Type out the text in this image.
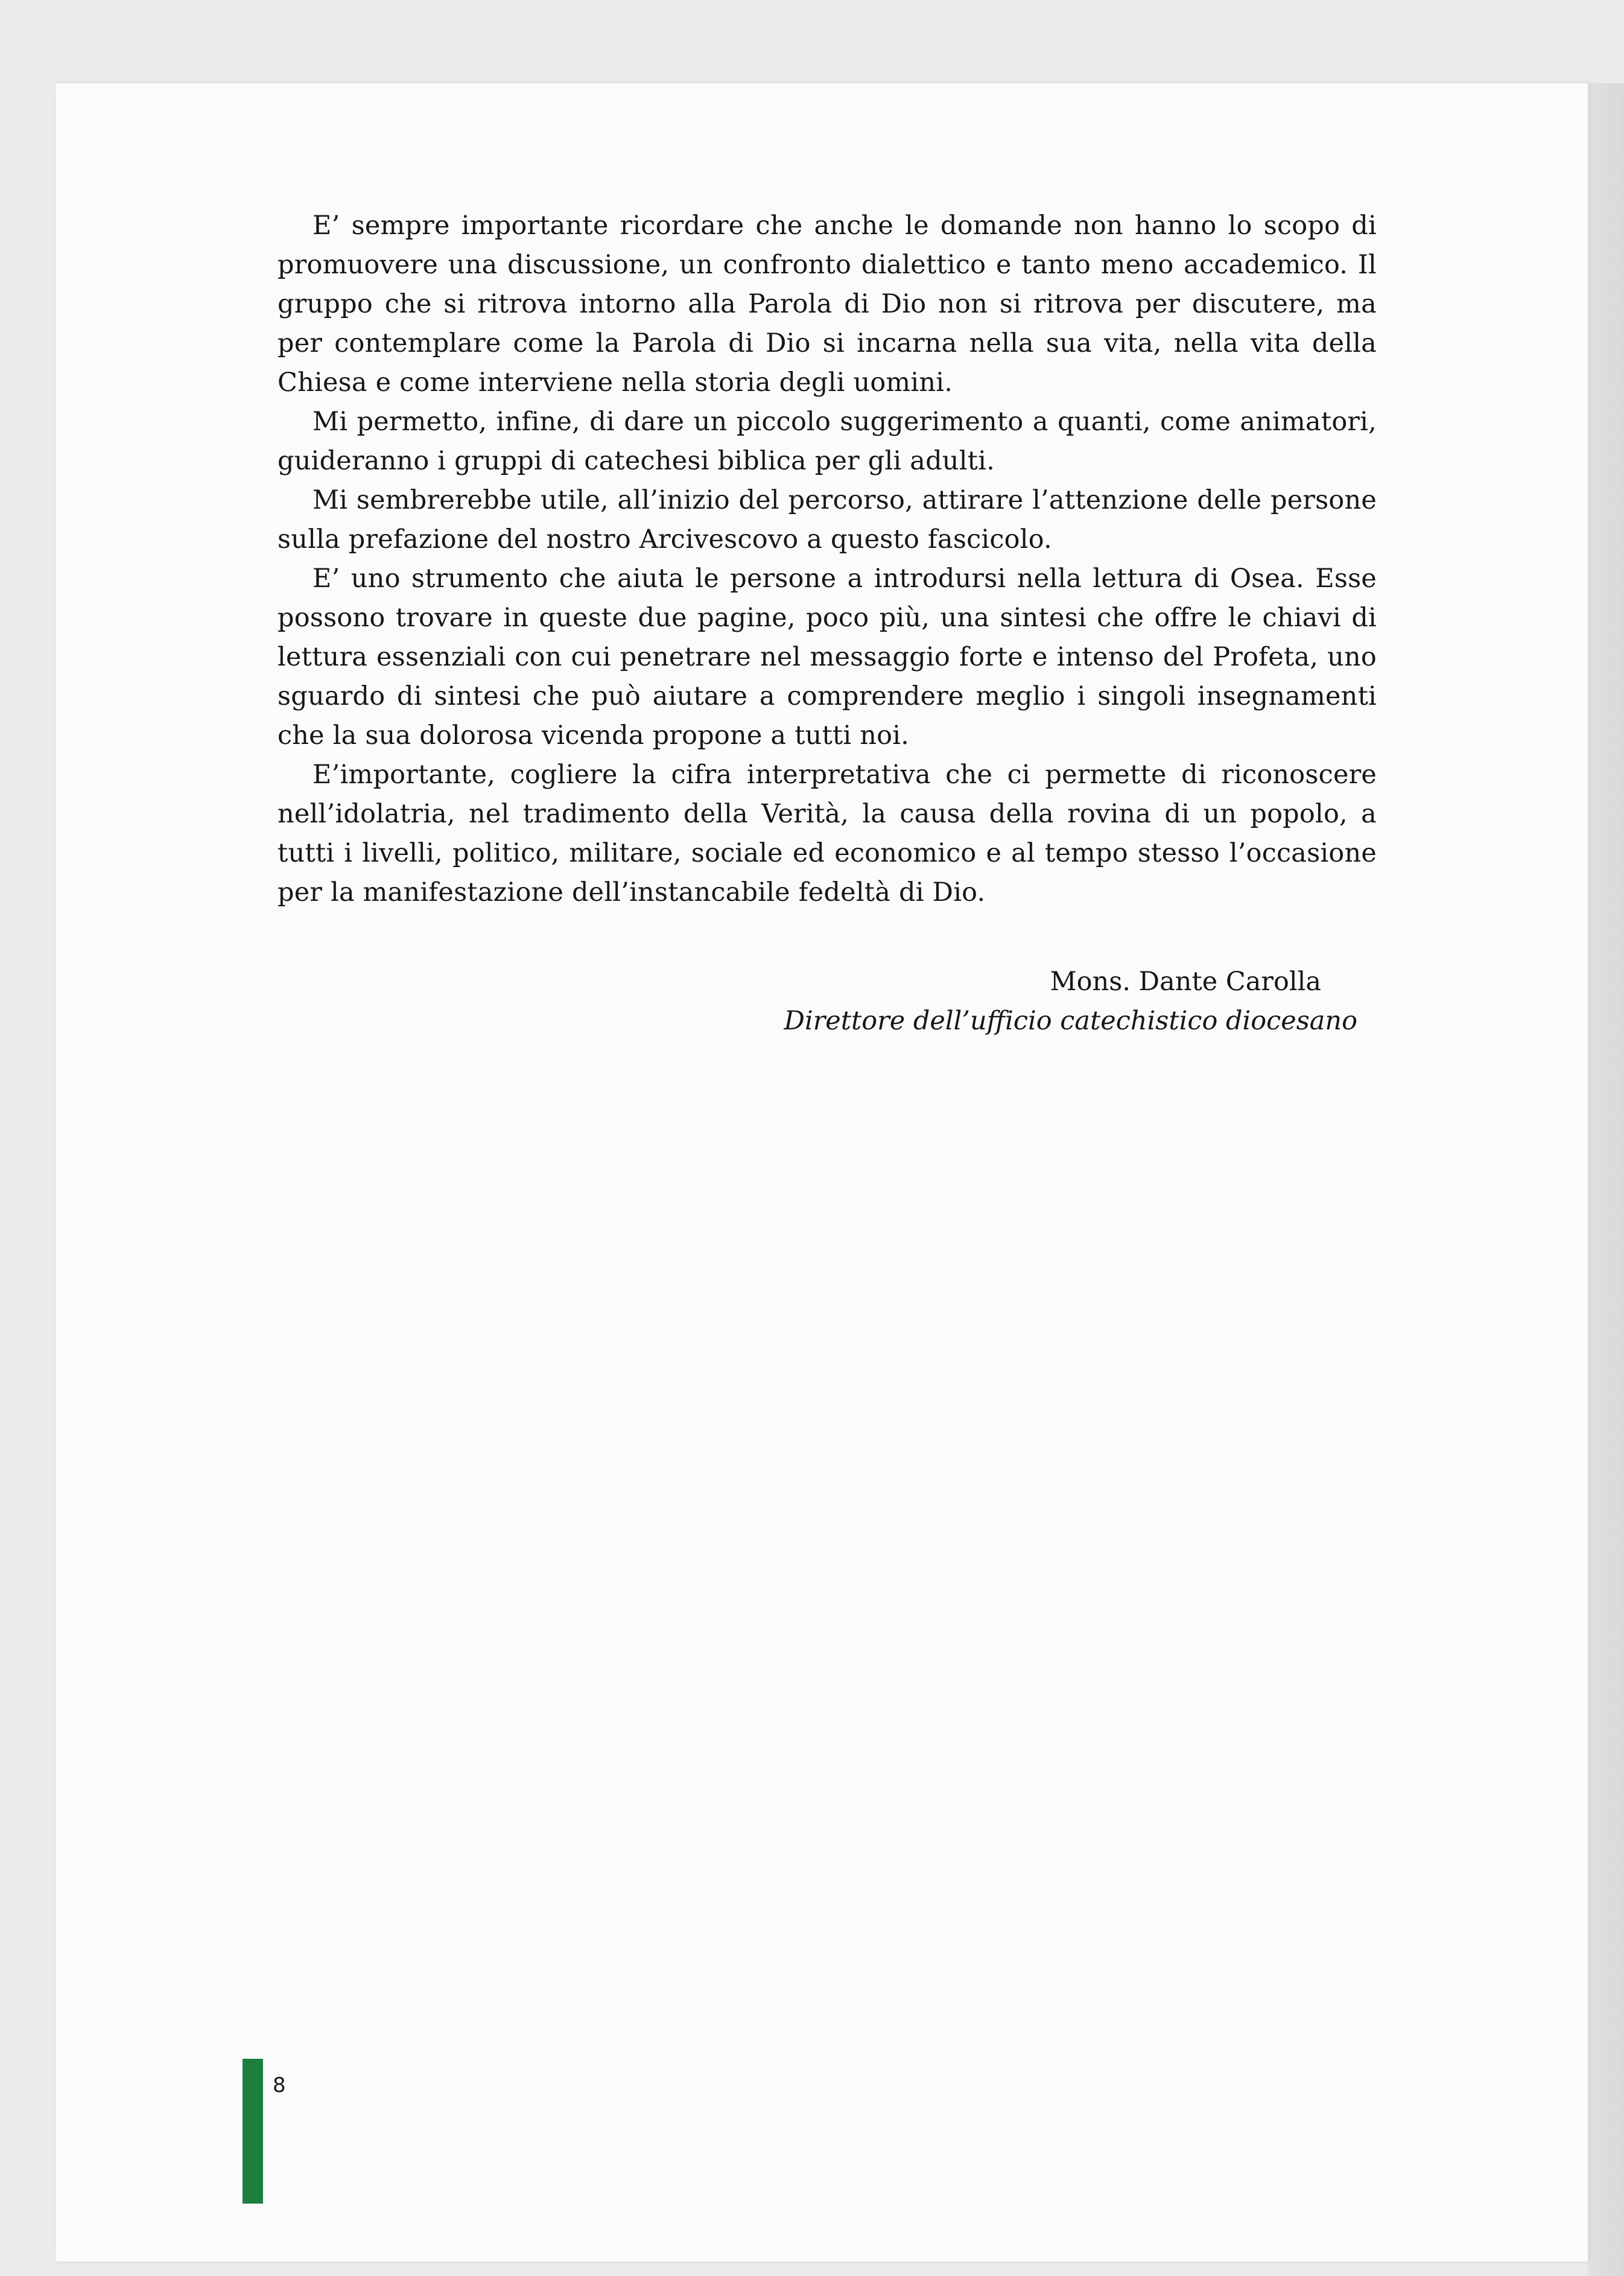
E’ sempre importante ricordare che anche le domande non hanno lo scopo di promuovere una discussione, un confronto dialettico e tanto meno accademico. Il gruppo che si ritrova intorno alla Parola di Dio non si ritrova per discutere, ma per contemplare come la Parola di Dio si incarna nella sua vita, nella vita della Chiesa e come interviene nella storia degli uomini.

Mi permetto, infine, di dare un piccolo suggerimento a quanti, come animatori, guideranno i gruppi di catechesi biblica per gli adulti.

Mi sembrerebbe utile, all’inizio del percorso, attirare l’attenzione delle persone sulla prefazione del nostro Arcivescovo a questo fascicolo.

E’ uno strumento che aiuta le persone a introdursi nella lettura di Osea. Esse possono trovare in queste due pagine, poco più, una sintesi che offre le chiavi di lettura essenziali con cui penetrare nel messaggio forte e intenso del Profeta, uno sguardo di sintesi che può aiutare a comprendere meglio i singoli insegnamenti che la sua dolorosa vicenda propone a tutti noi.

E’importante, cogliere la cifra interpretativa che ci permette di riconoscere nell’idolatria, nel tradimento della Verità, la causa della rovina di un popolo, a tutti i livelli, politico, militare, sociale ed economico e al tempo stesso l’occasione per la manifestazione dell’instancabile fedeltà di Dio.

Mons. Dante Carolla
Direttore dell’ufficio catechistico diocesano
8
